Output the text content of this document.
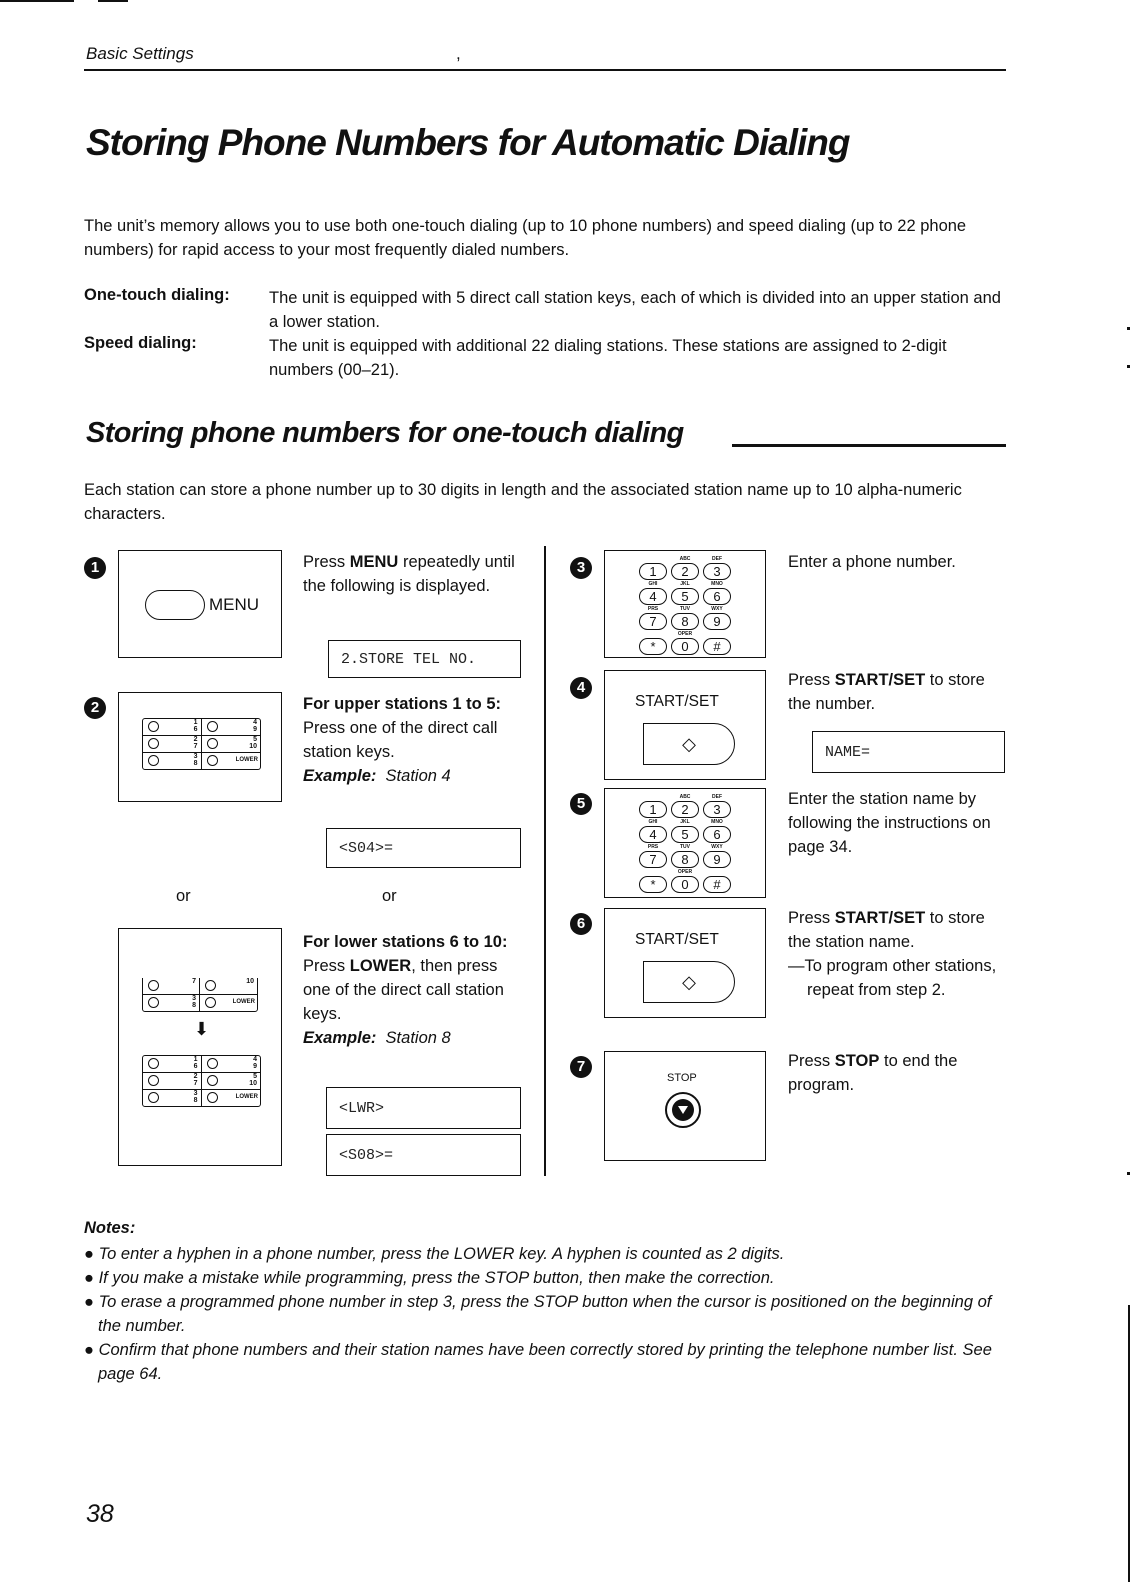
Basic Settings	,
Storing Phone Numbers for Automatic Dialing
The unit’s memory allows you to use both one-touch dialing (up to 10 phone numbers) and speed dialing (up to 22 phone numbers) for rapid access to your most frequently dialed numbers.
One-touch dialing: The unit is equipped with 5 direct call station keys, each of which is divided into an upper station and a lower station.
Speed dialing:	The unit is equipped with additional 22 dialing stations. These stations are assigned to 2-digit numbers (00–21).
Storing phone numbers for one-touch dialing
Each station can store a phone number up to 30 digits in length and the associated station name up to 10 alpha-numeric characters.
1
MENU
Press MENU repeatedly until the following is displayed.
2.STORE TEL NO.
2
1
6
4
9
2
7
5
10
3
8	LOWER
For upper stations 1 to 5:
Press one of the direct call station keys.
Example: Station 4
<S04>=
or	or
7	10
3
8	LOWER
⬇
1
6
4
9
2
7
5
10
3
8	LOWER
For lower stations 6 to 10:
Press LOWER, then press one of the direct call station keys.
Example: Station 8
<LWR>
<S08>=
3	1
ABC
2
DEF
3
GHI
4
JKL
5
MNO
6
PRS
7
TUV
8
WXY
9
*
OPER
0	#
Enter a phone number.
4
START/SET
◇
Press START/SET to store the number.
NAME=
5	1
ABC
2
DEF
3
GHI
4
JKL
5
MNO
6
PRS
7
TUV
8
WXY
9
*
OPER
0	#
Enter the station name by following the instructions on page 34.
6
START/SET
◇
Press START/SET to store the station name.
—To program other stations, repeat from step 2.
7
STOP
Press STOP to end the program.
Notes:
● To enter a hyphen in a phone number, press the LOWER key. A hyphen is counted as 2 digits.
● If you make a mistake while programming, press the STOP button, then make the correction.
● To erase a programmed phone number in step 3, press the STOP button when the cursor is positioned on the beginning of the number.
● Confirm that phone numbers and their station names have been correctly stored by printing the telephone number list. See page 64.
38
